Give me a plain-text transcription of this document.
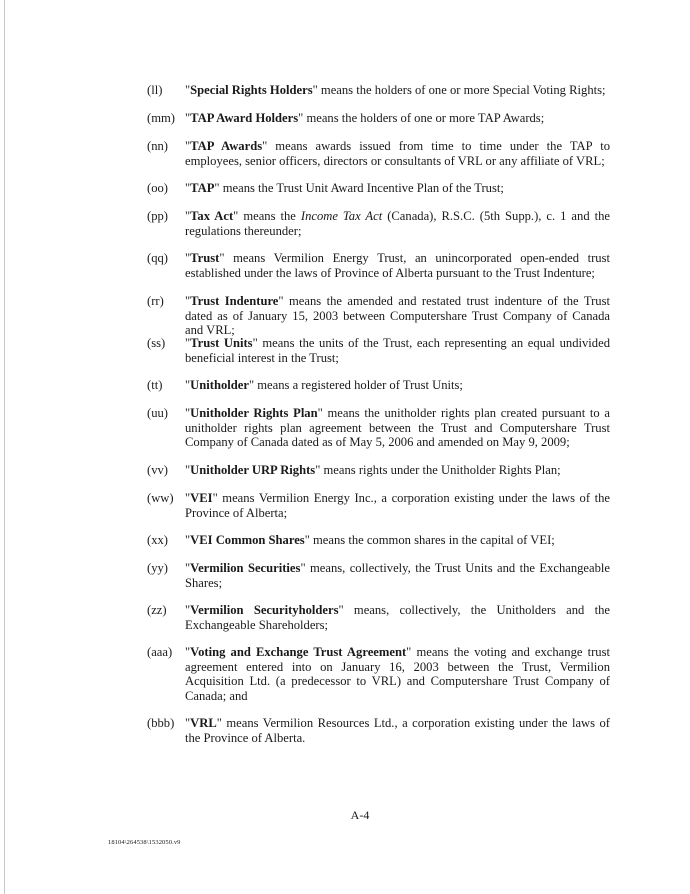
(ll) "Special Rights Holders" means the holders of one or more Special Voting Rights;
(mm) "TAP Award Holders" means the holders of one or more TAP Awards;
(nn) "TAP Awards" means awards issued from time to time under the TAP to employees, senior officers, directors or consultants of VRL or any affiliate of VRL;
(oo) "TAP" means the Trust Unit Award Incentive Plan of the Trust;
(pp) "Tax Act" means the Income Tax Act (Canada), R.S.C. (5th Supp.), c. 1 and the regulations thereunder;
(qq) "Trust" means Vermilion Energy Trust, an unincorporated open-ended trust established under the laws of Province of Alberta pursuant to the Trust Indenture;
(rr) "Trust Indenture" means the amended and restated trust indenture of the Trust dated as of January 15, 2003 between Computershare Trust Company of Canada and VRL;
(ss) "Trust Units" means the units of the Trust, each representing an equal undivided beneficial interest in the Trust;
(tt) "Unitholder" means a registered holder of Trust Units;
(uu) "Unitholder Rights Plan" means the unitholder rights plan created pursuant to a unitholder rights plan agreement between the Trust and Computershare Trust Company of Canada dated as of May 5, 2006 and amended on May 9, 2009;
(vv) "Unitholder URP Rights" means rights under the Unitholder Rights Plan;
(ww) "VEI" means Vermilion Energy Inc., a corporation existing under the laws of the Province of Alberta;
(xx) "VEI Common Shares" means the common shares in the capital of VEI;
(yy) "Vermilion Securities" means, collectively, the Trust Units and the Exchangeable Shares;
(zz) "Vermilion Securityholders" means, collectively, the Unitholders and the Exchangeable Shareholders;
(aaa) "Voting and Exchange Trust Agreement" means the voting and exchange trust agreement entered into on January 16, 2003 between the Trust, Vermilion Acquisition Ltd. (a predecessor to VRL) and Computershare Trust Company of Canada; and
(bbb) "VRL" means Vermilion Resources Ltd., a corporation existing under the laws of the Province of Alberta.
A-4
18104\264538\1532050.v9
